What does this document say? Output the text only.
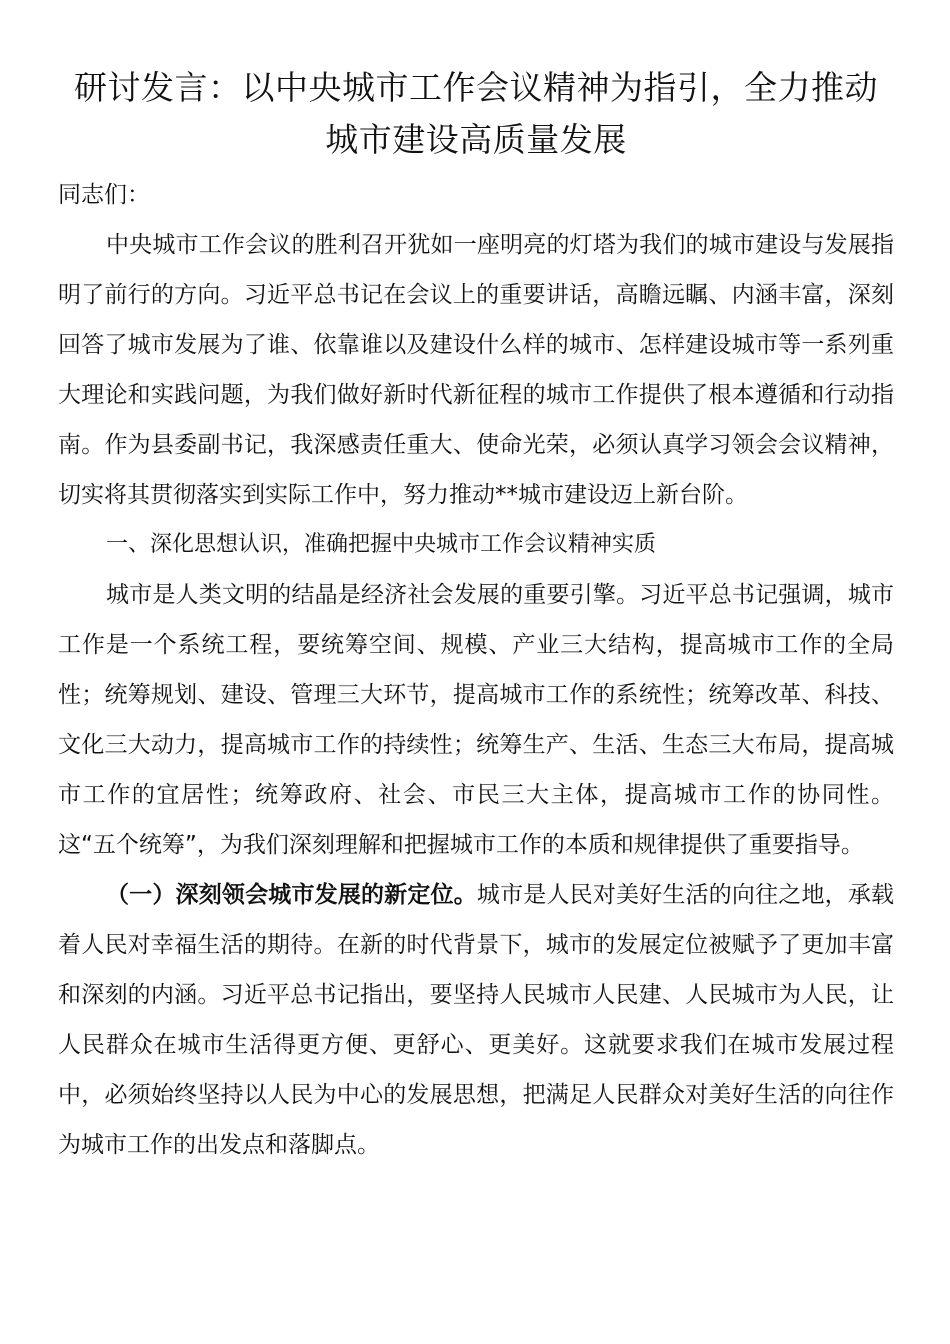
研讨发言：以中央城市工作会议精神为指引，全力推动城市建设高质量发展

同志们：

中央城市工作会议的胜利召开犹如一座明亮的灯塔为我们的城市建设与发展指明了前行的方向。习近平总书记在会议上的重要讲话，高瞻远瞩、内涵丰富，深刻回答了城市发展为了谁、依靠谁以及建设什么样的城市、怎样建设城市等一系列重大理论和实践问题，为我们做好新时代新征程的城市工作提供了根本遵循和行动指南。作为县委副书记，我深感责任重大、使命光荣，必须认真学习领会会议精神，切实将其贯彻落实到实际工作中，努力推动**城市建设迈上新台阶。

一、深化思想认识，准确把握中央城市工作会议精神实质

城市是人类文明的结晶是经济社会发展的重要引擎。习近平总书记强调，城市工作是一个系统工程，要统筹空间、规模、产业三大结构，提高城市工作的全局性；统筹规划、建设、管理三大环节，提高城市工作的系统性；统筹改革、科技、文化三大动力，提高城市工作的持续性；统筹生产、生活、生态三大布局，提高城市工作的宜居性；统筹政府、社会、市民三大主体，提高城市工作的协同性。这“五个统筹”，为我们深刻理解和把握城市工作的本质和规律提供了重要指导。

（一）深刻领会城市发展的新定位。城市是人民对美好生活的向往之地，承载着人民对幸福生活的期待。在新的时代背景下，城市的发展定位被赋予了更加丰富和深刻的内涵。习近平总书记指出，要坚持人民城市人民建、人民城市为人民，让人民群众在城市生活得更方便、更舒心、更美好。这就要求我们在城市发展过程中，必须始终坚持以人民为中心的发展思想，把满足人民群众对美好生活的向往作为城市工作的出发点和落脚点。
